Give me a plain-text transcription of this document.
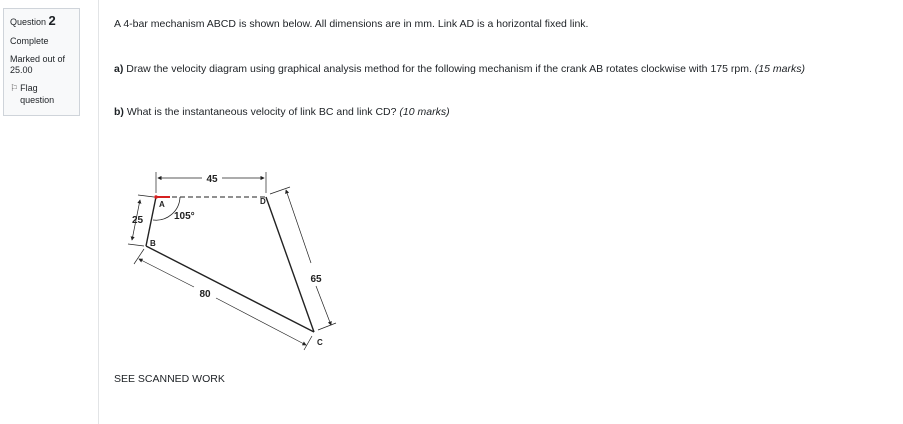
Question 2
Complete
Marked out of
25.00
⚐ Flag question
A 4-bar mechanism ABCD is shown below. All dimensions are in mm. Link AD is a horizontal fixed link.
a) Draw the velocity diagram using graphical analysis method for the following mechanism if the crank AB rotates clockwise with 175 rpm. (15 marks)
b) What is the instantaneous velocity of link BC and link CD? (10 marks)
45
25
80
65
105°
A
B
C
D
SEE SCANNED WORK
